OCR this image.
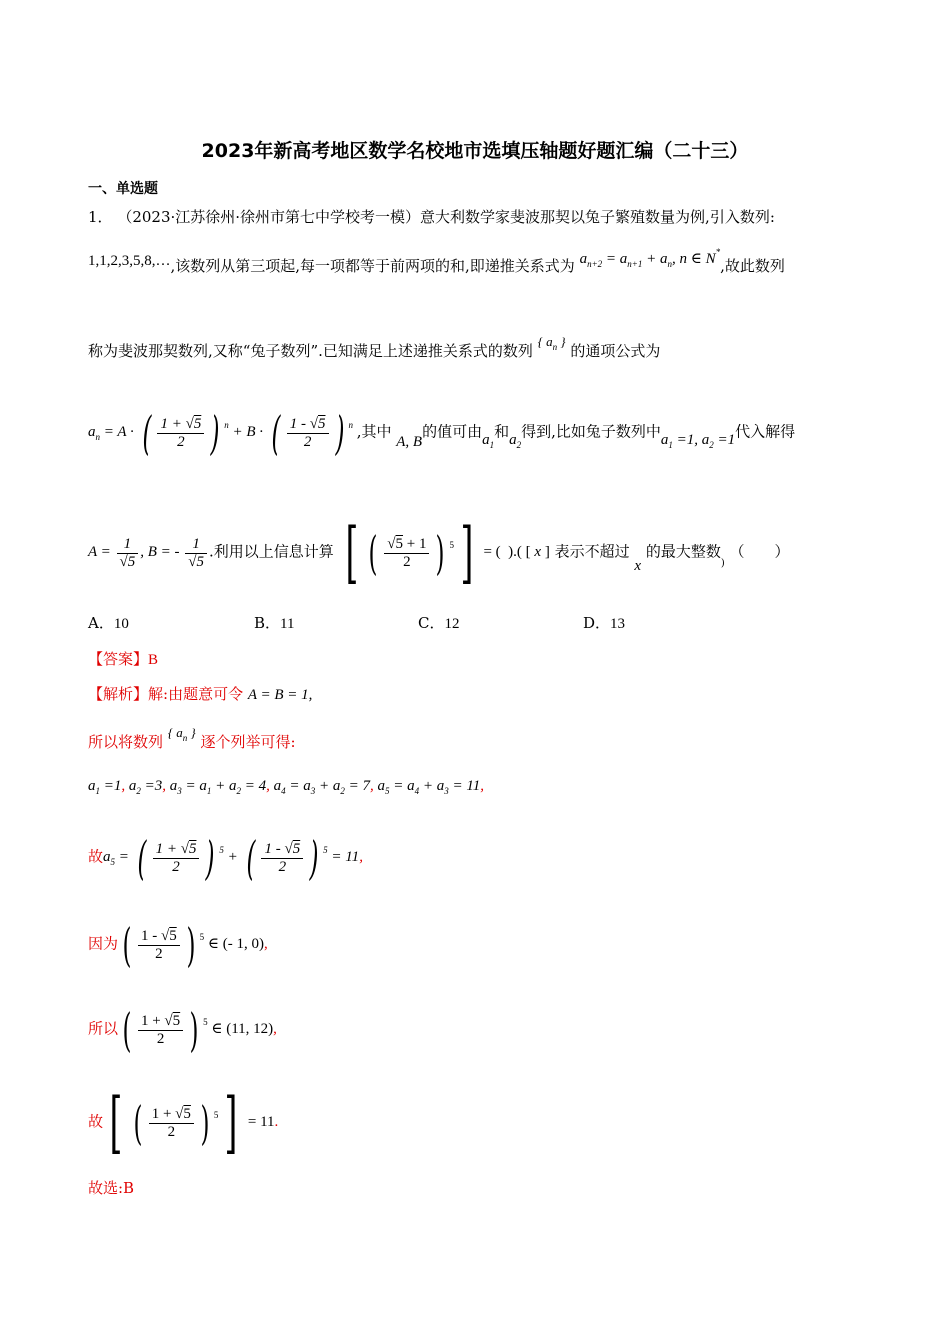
2023年新高考地区数学名校地市选填压轴题好题汇编（二十三）
一、单选题
1． （2023·江苏徐州·徐州市第七中学校考一模）意大利数学家斐波那契以兔子繁殖数量为例,引入数列:
1,1,2,3,5,8,…,该数列从第三项起,每一项都等于前两项的和,即递推关系式为 $a_{n+2} = a_{n+1} + a_n$, n ∈ N*,故此数列
称为斐波那契数列,又称“兔子数列”.已知满足上述递推关系式的数列 { $a_n$ } 的通项公式为
$a_n = A$ · ( $\frac{1 + √5}{2}$ ) $^n$ + B · ( $\frac{1 - √5}{2}$ ) $^n$ ,其中 A, B的值可由$a_1$和$a_2$得到,比如兔子数列中$a_1 =1$, $a_2 =1$代入解得
$A = \frac{1}{√5}$ , B = - $\frac{1}{√5}$ .利用以上信息计算 [ ( $\frac{√5 + 1}{2}$ ) $^5$] = (  ).( [ x ] 表示不超过 x 的最大整数$_)$ （　　）
A．10	B．11	C．12	D．13
【答案】B
【解析】解:由题意可令 A = B = 1,
所以将数列 { $a_n$ } 逐个列举可得:
$a_1 =1$, $a_2 =3$, $a_3 = a_1 + a_2 = 4$, $a_4 = a_3 + a_2 = 7$, $a_5 = a_4 + a_3 = 11$,
故$a_5$ = ( $\frac{1 + √5}{2}$ ) $^5$ + ( $\frac{1 - √5}{2}$ ) $^5$ = 11,
因为( $\frac{1 - √5}{2}$ ) $^5$ ∈ (- 1, 0),
所以( $\frac{1 + √5}{2}$ ) $^5$ ∈ (11, 12),
故[ ( $\frac{1 + √5}{2}$ ) $^5$] = 11.
故选:B
